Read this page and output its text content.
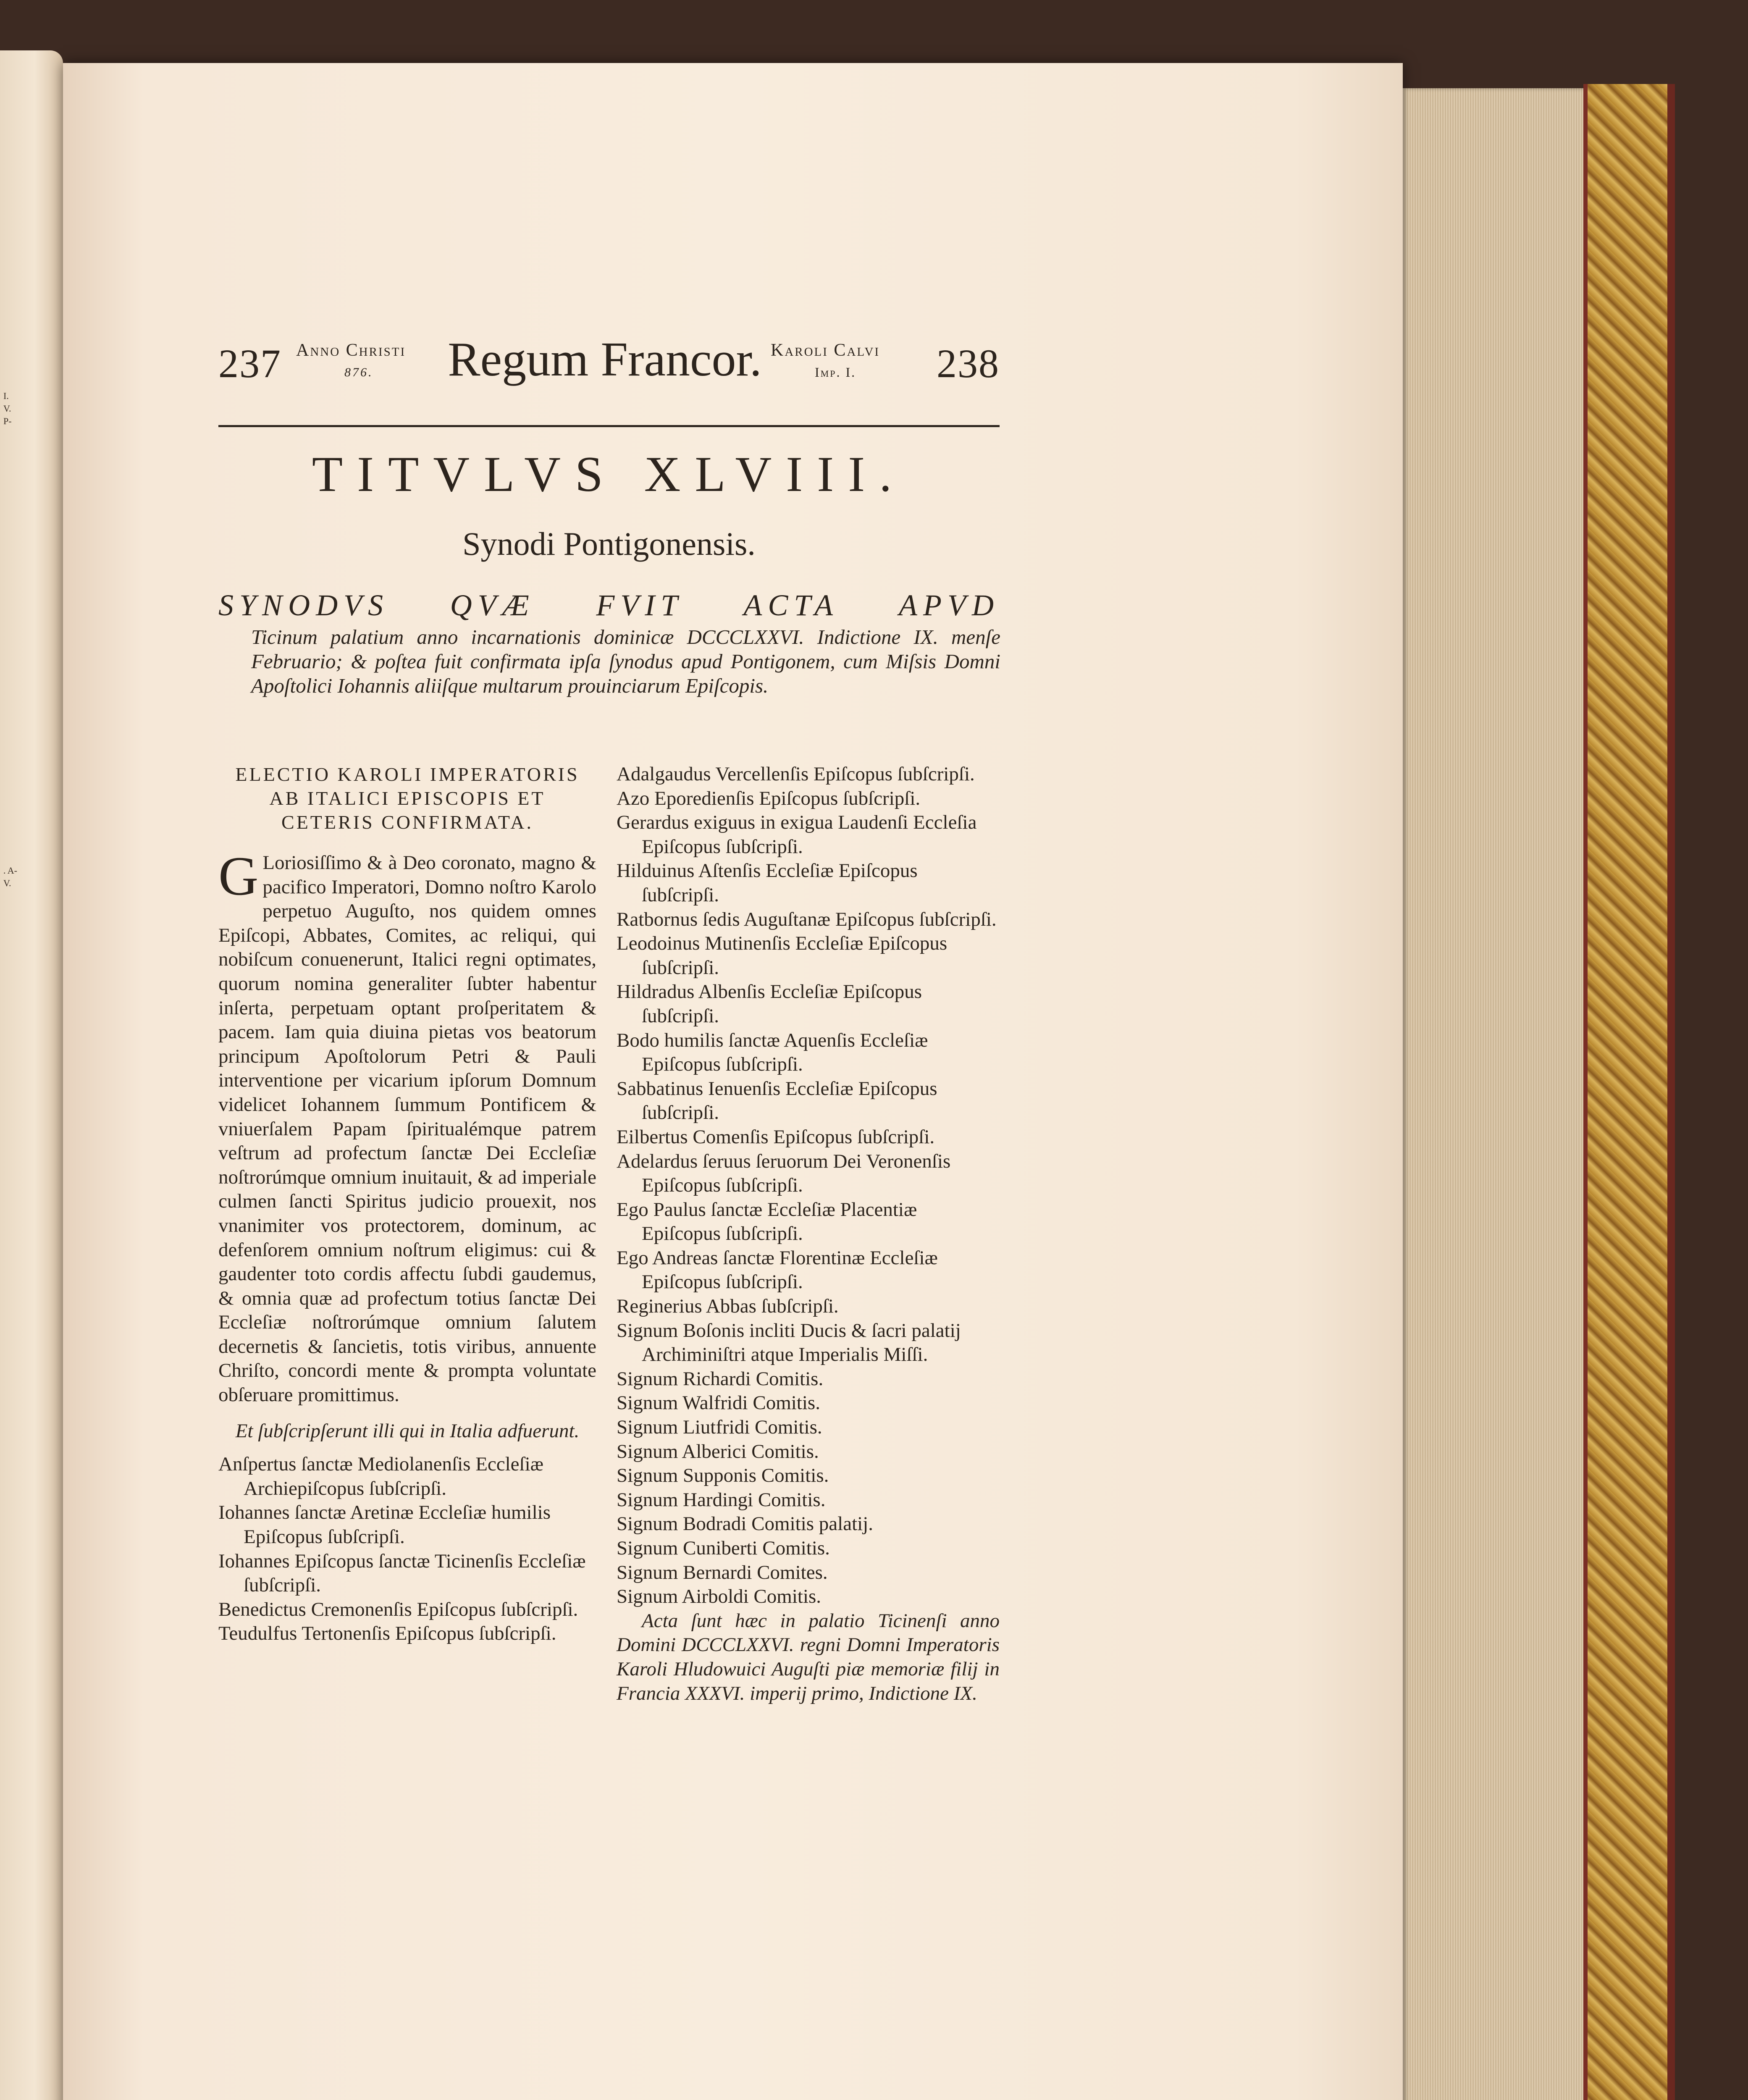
I.
V.
P-
. A-
V.
237 Anno Christi
876. Regum Francor. Karoli Calvi
Imp. I. 238
TITVLVS XLVIII.
Synodi Pontigonensis.
SYNODVS QVÆ FVIT ACTA APVD
Ticinum palatium anno incarnationis dominicæ DCCCLXXVI. Indictione IX. menſe Februario; & poſtea fuit confirmata ipſa ſynodus apud Pontigonem, cum Miſsis Domni Apoſtolici Iohannis aliiſque multarum prouinciarum Epiſcopis.
ELECTIO KAROLI IMPERATORIS
AB ITALICI EPISCOPIS ET
CETERIS CONFIRMATA.
G Loriosiſſimo & à Deo coronato, magno & pacifico Imperatori, Domno noſtro Karolo perpetuo Auguſto, nos quidem omnes Epiſcopi, Abbates, Comites, ac reliqui, qui nobiſcum conuenerunt, Italici regni optimates, quorum nomina generaliter ſubter habentur inſerta, perpetuam optant proſperitatem & pacem. Iam quia diuina pietas vos beatorum principum Apoſtolorum Petri & Pauli interventione per vicarium ipſorum Domnum videlicet Iohannem ſummum Pontificem & vniuerſalem Papam ſpiritualémque patrem veſtrum ad profectum ſanctæ Dei Eccleſiæ noſtrorúmque omnium inuitauit, & ad imperiale culmen ſancti Spiritus judicio prouexit, nos vnanimiter vos protectorem, dominum, ac defenſorem omnium noſtrum eligimus: cui & gaudenter toto cordis affectu ſubdi gaudemus, & omnia quæ ad profectum totius ſanctæ Dei Eccleſiæ noſtrorúmque omnium ſalutem decernetis & ſancietis, totis viribus, annuente Chriſto, concordi mente & prompta voluntate obſeruare promittimus.
Et ſubſcripſerunt illi qui in Italia adfuerunt.
Anſpertus ſanctæ Mediolanenſis Eccleſiæ Archiepiſcopus ſubſcripſi.
Iohannes ſanctæ Aretinæ Eccleſiæ humilis Epiſcopus ſubſcripſi.
Iohannes Epiſcopus ſanctæ Ticinenſis Eccleſiæ ſubſcripſi.
Benedictus Cremonenſis Epiſcopus ſubſcripſi.
Teudulfus Tertonenſis Epiſcopus ſubſcripſi.
Adalgaudus Vercellenſis Epiſcopus ſubſcripſi.
Azo Eporedienſis Epiſcopus ſubſcripſi.
Gerardus exiguus in exigua Laudenſi Eccleſia Epiſcopus ſubſcripſi.
Hilduinus Aſtenſis Eccleſiæ Epiſcopus ſubſcripſi.
Ratbornus ſedis Auguſtanæ Epiſcopus ſubſcripſi.
Leodoinus Mutinenſis Eccleſiæ Epiſcopus ſubſcripſi.
Hildradus Albenſis Eccleſiæ Epiſcopus ſubſcripſi.
Bodo humilis ſanctæ Aquenſis Eccleſiæ Epiſcopus ſubſcripſi.
Sabbatinus Ienuenſis Eccleſiæ Epiſcopus ſubſcripſi.
Eilbertus Comenſis Epiſcopus ſubſcripſi.
Adelardus ſeruus ſeruorum Dei Veronenſis Epiſcopus ſubſcripſi.
Ego Paulus ſanctæ Eccleſiæ Placentiæ Epiſcopus ſubſcripſi.
Ego Andreas ſanctæ Florentinæ Eccleſiæ Epiſcopus ſubſcripſi.
Reginerius Abbas ſubſcripſi.
Signum Boſonis incliti Ducis & ſacri palatij Archiminiſtri atque Imperialis Miſſi.
Signum Richardi Comitis.
Signum Walfridi Comitis.
Signum Liutfridi Comitis.
Signum Alberici Comitis.
Signum Supponis Comitis.
Signum Hardingi Comitis.
Signum Bodradi Comitis palatij.
Signum Cuniberti Comitis.
Signum Bernardi Comites.
Signum Airboldi Comitis.
Acta ſunt hæc in palatio Ticinenſi anno Domini DCCCLXXVI. regni Domni Imperatoris Karoli Hludowuici Auguſti piæ memoriæ filij in Francia XXXVI. imperij primo, Indictione IX.
